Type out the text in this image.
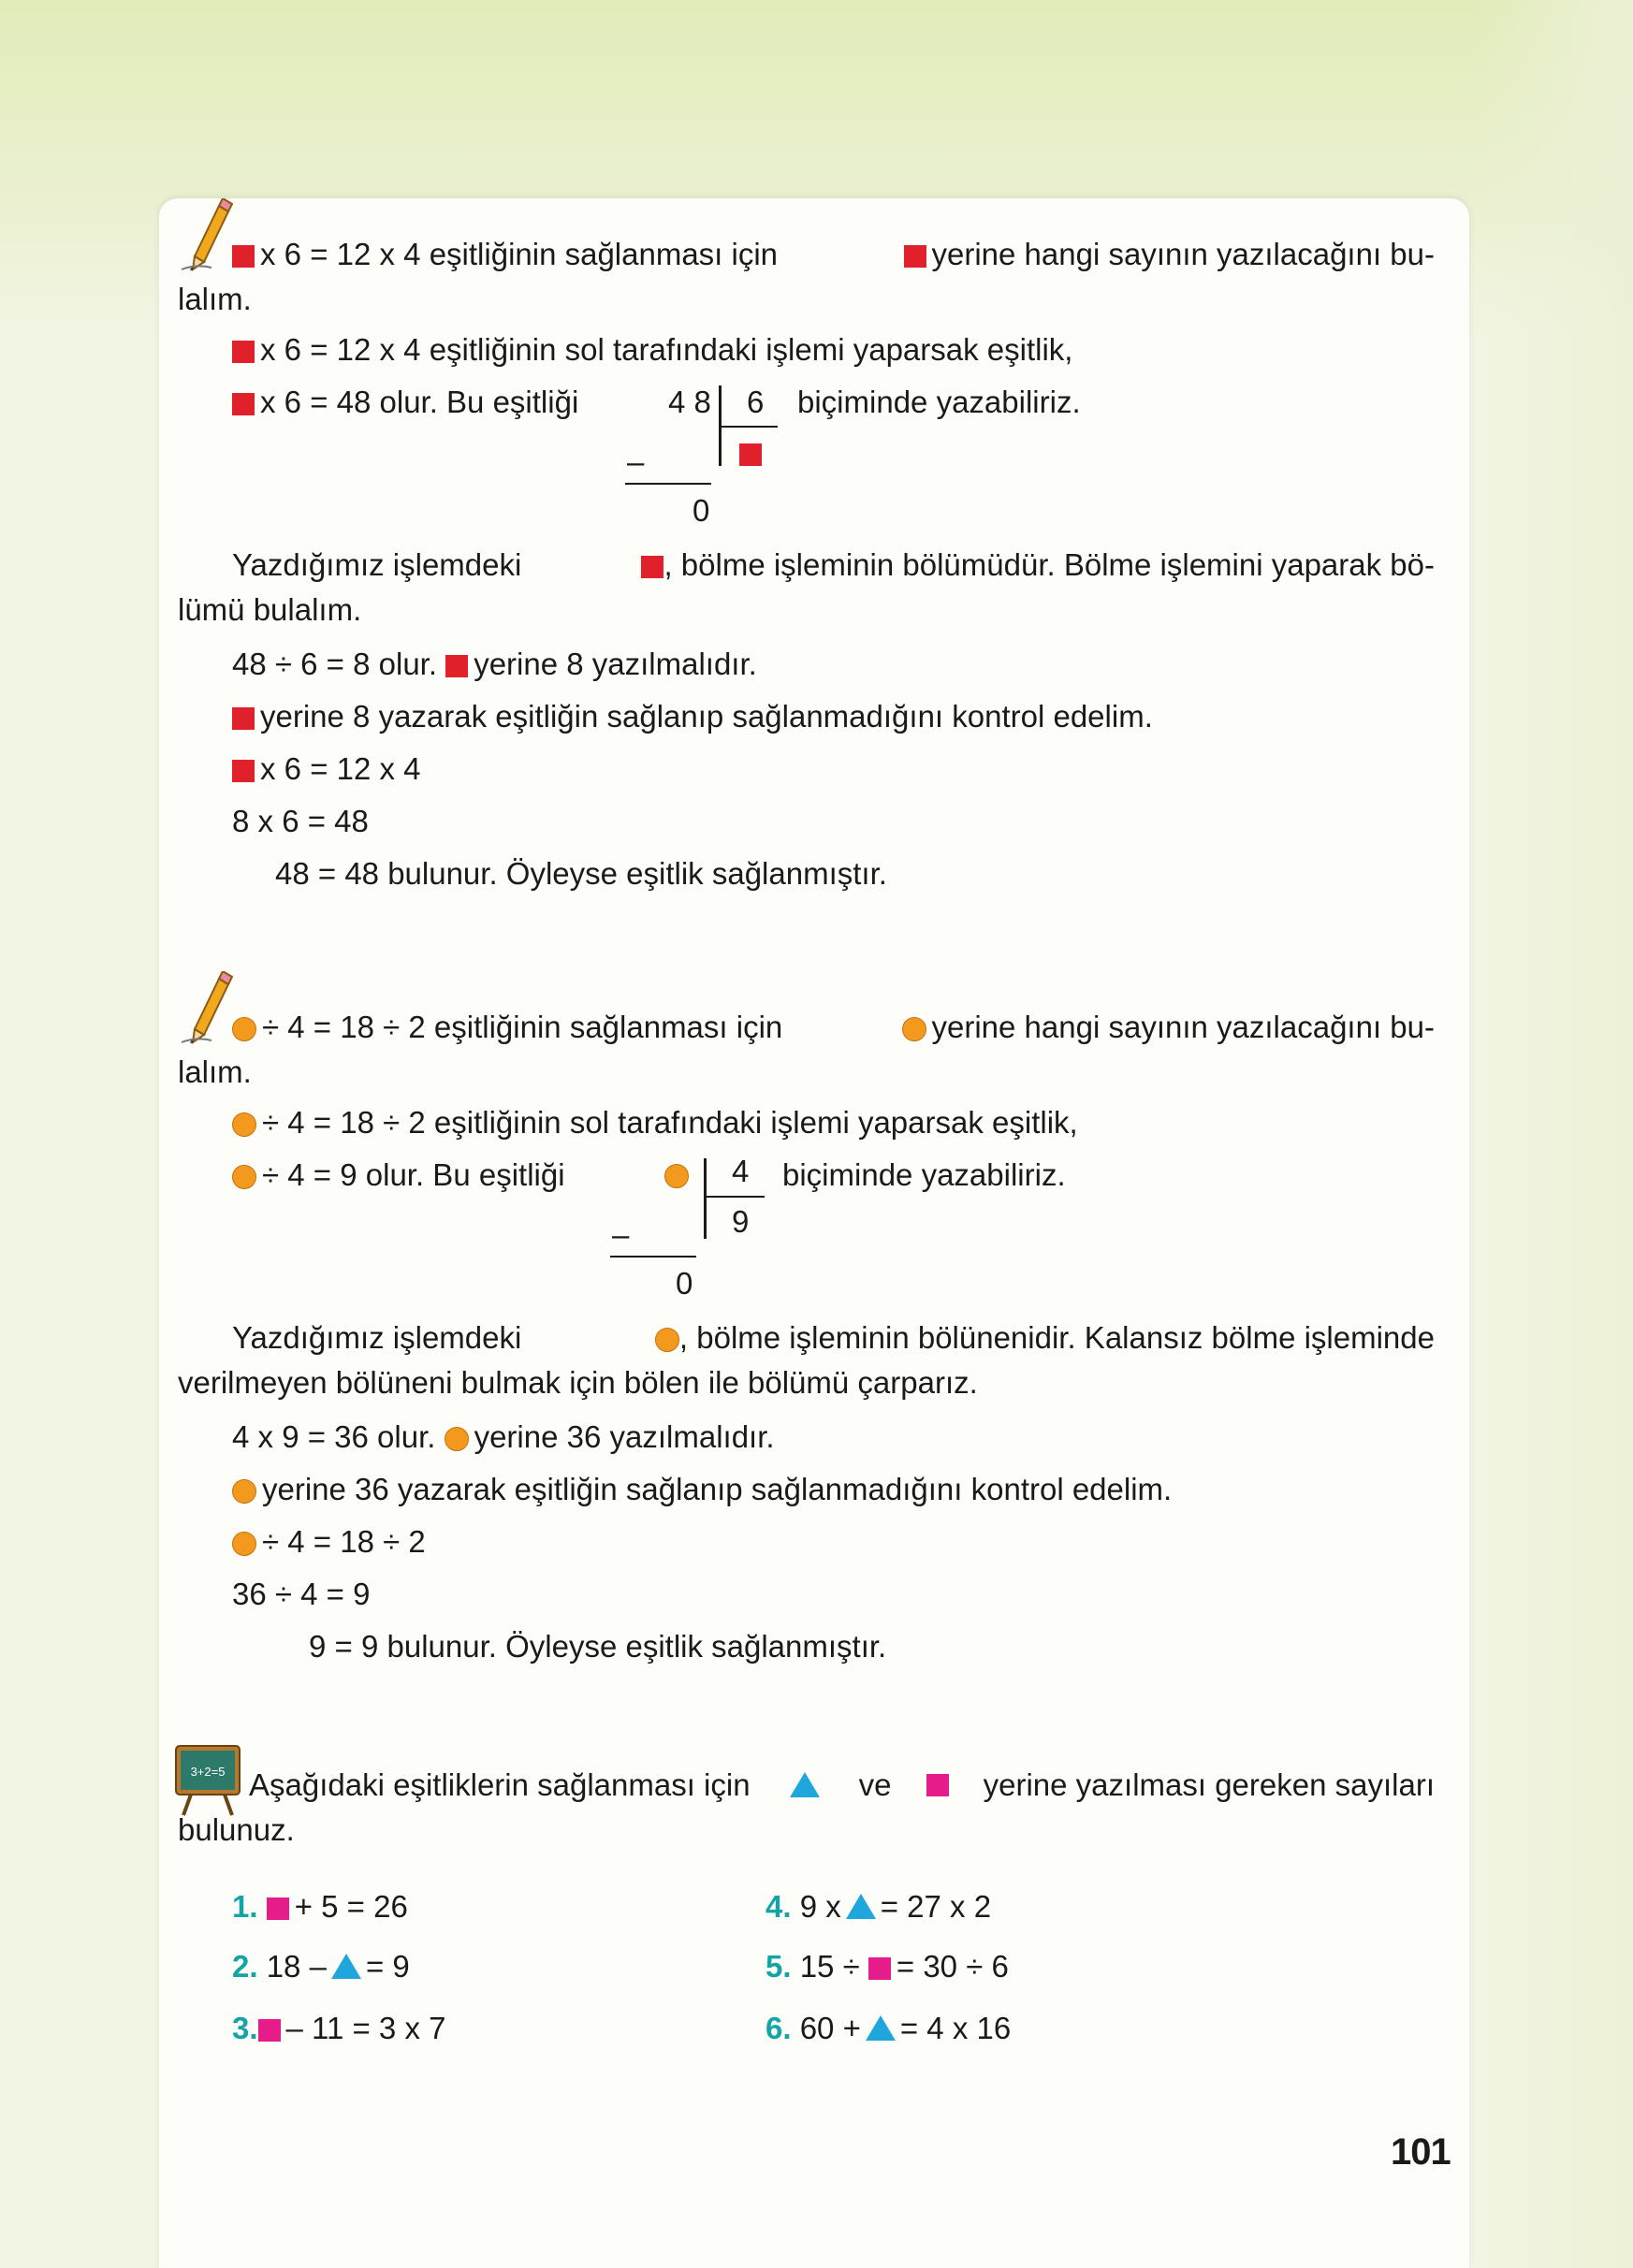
x 6 = 12 x 4 eşitliğinin sağlanması için	yerine hangi sayının yazılacağını bu-
lalım.
x 6 = 12 x 4 eşitliğinin sol tarafındaki işlemi yaparsak eşitlik,
x 6 = 48 olur. Bu eşitliği	4 8 6
–
0
biçiminde yazabiliriz.
Yazdığımız işlemdeki	, bölme işleminin bölümüdür. Bölme işlemini yaparak bö-
lümü bulalım.
48 ÷ 6 = 8 olur. yerine 8 yazılmalıdır.
yerine 8 yazarak eşitliğin sağlanıp sağlanmadığını kontrol edelim.
x 6 = 12 x 4
8 x 6 = 48
48 = 48 bulunur. Öyleyse eşitlik sağlanmıştır.
÷ 4 = 18 ÷ 2 eşitliğinin sağlanması için	yerine hangi sayının yazılacağını bu-
lalım.
÷ 4 = 18 ÷ 2 eşitliğinin sol tarafındaki işlemi yaparsak eşitlik,
÷ 4 = 9 olur. Bu eşitliği	4
9
–
0
biçiminde yazabiliriz.
Yazdığımız işlemdeki	, bölme işleminin bölünenidir. Kalansız bölme işleminde
verilmeyen bölüneni bulmak için bölen ile bölümü çarparız.
4 x 9 = 36 olur. yerine 36 yazılmalıdır.
yerine 36 yazarak eşitliğin sağlanıp sağlanmadığını kontrol edelim.
÷ 4 = 18 ÷ 2
36 ÷ 4 = 9
9 = 9 bulunur. Öyleyse eşitlik sağlanmıştır.
3+2=5 Aşağıdaki eşitliklerin sağlanması için	ve	yerine yazılması gereken sayıları
bulunuz.
1. + 5 = 26
2. 18 – = 9
3. – 11 = 3 x 7
4. 9 x = 27 x 2
5. 15 ÷ = 30 ÷ 6
6. 60 + = 4 x 16
101
